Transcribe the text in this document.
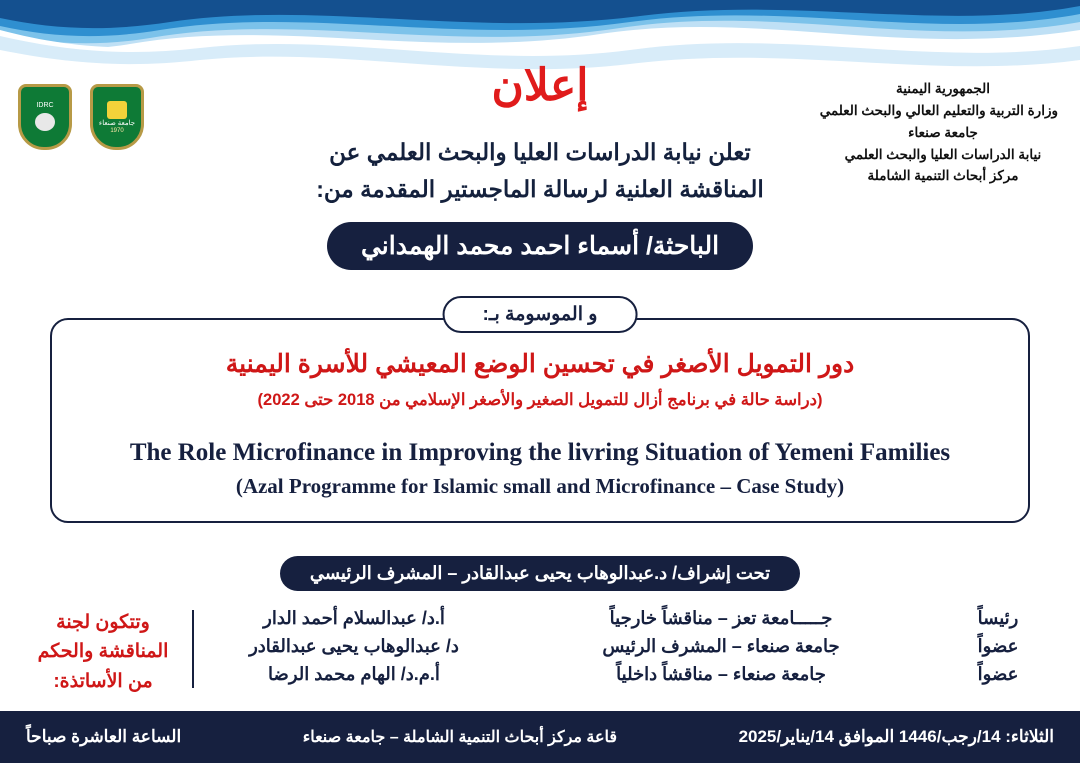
جامعة صنعاء
1970
IDRC
الجمهورية اليمنية
وزارة التربية والتعليم العالي والبحث العلمي
جامعة صنعاء
نيابة الدراسات العليا والبحث العلمي
مركز أبحاث التنمية الشاملة
إعلان
تعلن نيابة الدراسات العليا والبحث العلمي عن
المناقشة العلنية لرسالة الماجستير المقدمة من:
الباحثة/ أسماء احمد محمد الهمداني
و الموسومة بـ:
دور التمويل الأصغر في تحسين الوضع المعيشي للأسرة اليمنية
(دراسة حالة في برنامج أزال للتمويل الصغير والأصغر الإسلامي من 2018 حتى 2022)
The Role Microfinance in Improving the livring Situation of Yemeni Families
(Azal Programme for Islamic small and Microfinance – Case Study)
تحت إشراف/ د.عبدالوهاب يحيى عبدالقادر – المشرف الرئيسي
رئيساً
جـــــامعة تعز – مناقشاً خارجياً
أ.د/ عبدالسلام أحمد الدار
عضواً
جامعة صنعاء – المشرف الرئيس
د/ عبدالوهاب يحيى عبدالقادر
عضواً
جامعة صنعاء – مناقشاً داخلياً
أ.م.د/ الهام محمد الرضا
وتتكون لجنة
المناقشة والحكم
من الأساتذة:
الثلاثاء: 14/رجب/1446 الموافق 14/يناير/2025
قاعة مركز أبحاث التنمية الشاملة – جامعة صنعاء
الساعة العاشرة صباحاً
